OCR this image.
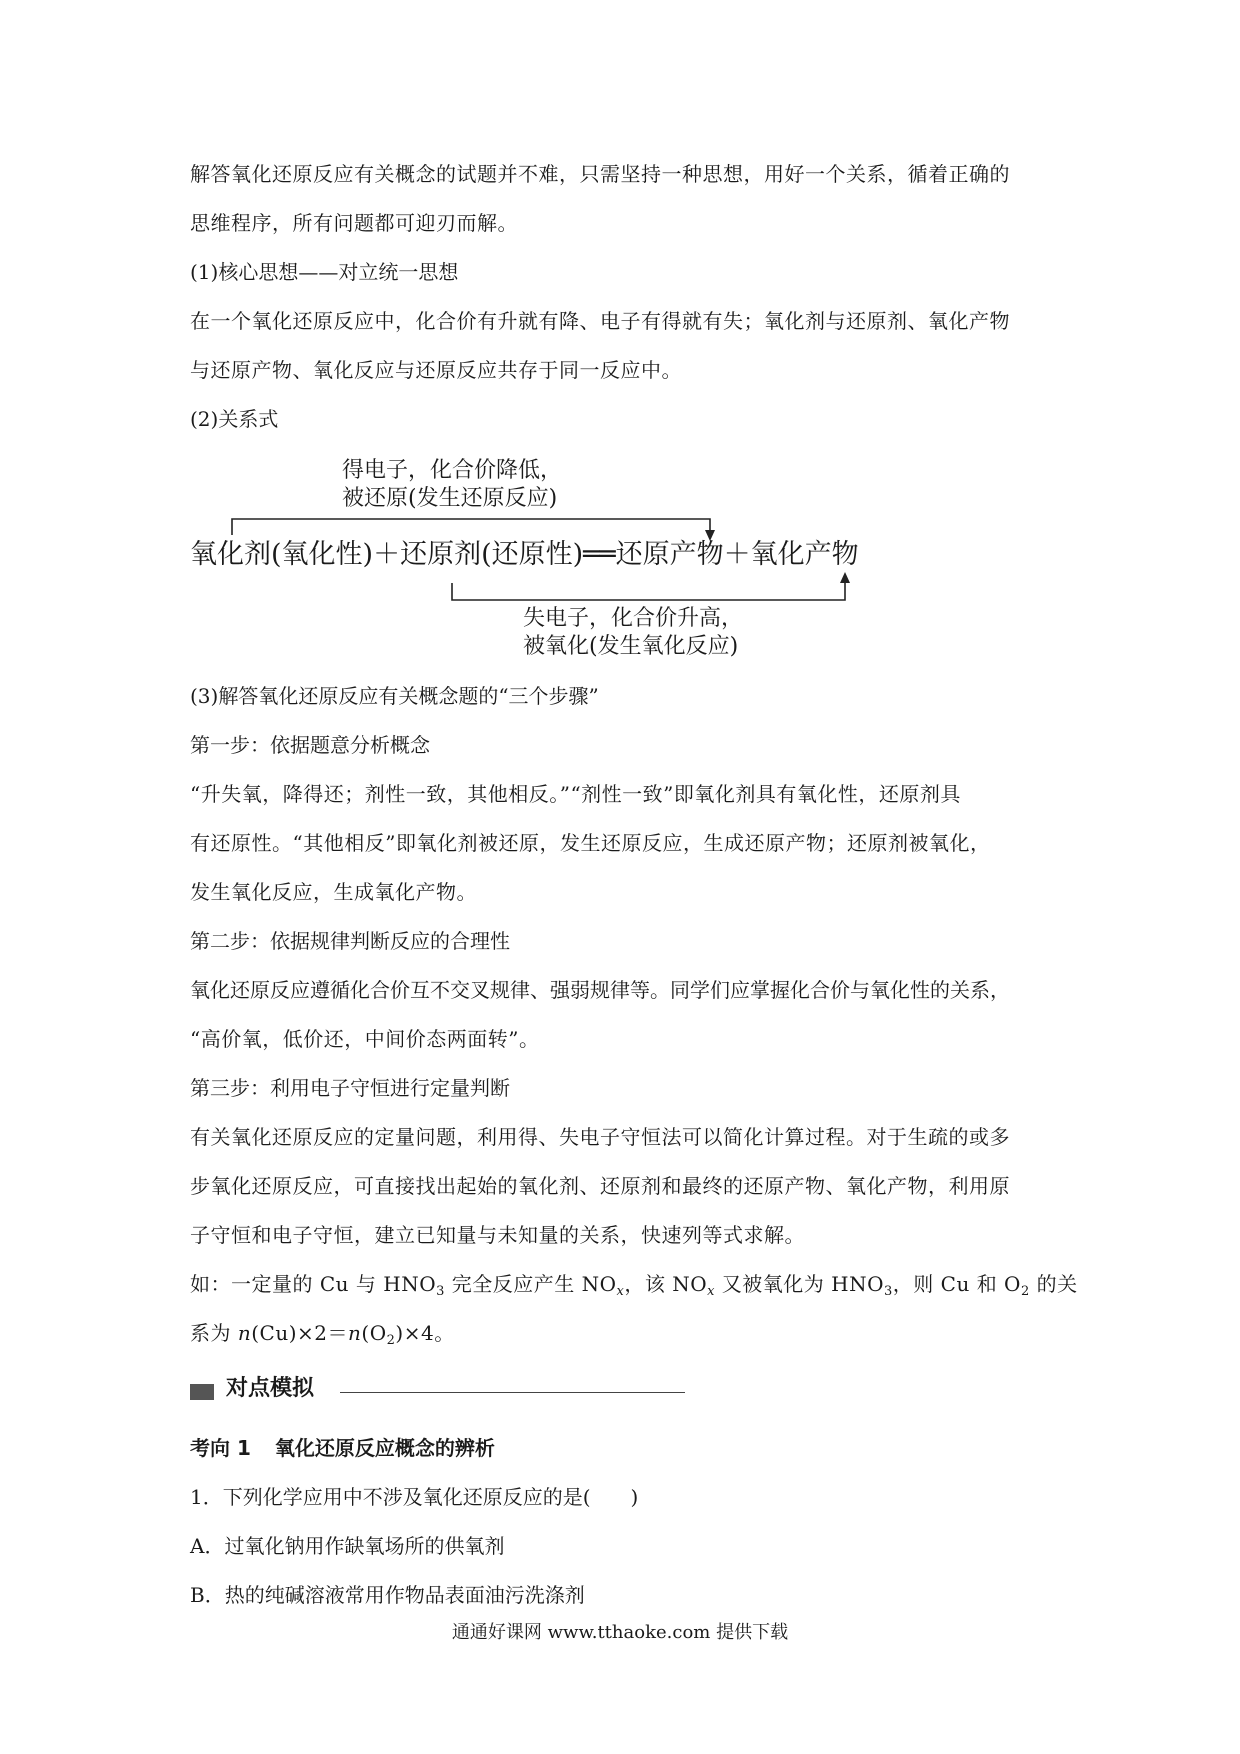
解答氧化还原反应有关概念的试题并不难，只需坚持一种思想，用好一个关系，循着正确的
思维程序，所有问题都可迎刃而解。
(1)核心思想——对立统一思想
在一个氧化还原反应中，化合价有升就有降、电子有得就有失；氧化剂与还原剂、氧化产物
与还原产物、氧化反应与还原反应共存于同一反应中。
(2)关系式
得电子，化合价降低，
被还原(发生还原反应)
氧化剂(氧化性)＋还原剂(还原性)══还原产物＋氧化产物
失电子，化合价升高，
被氧化(发生氧化反应)
(3)解答氧化还原反应有关概念题的“三个步骤”
第一步：依据题意分析概念
“升失氧，降得还；剂性一致，其他相反。”“剂性一致”即氧化剂具有氧化性，还原剂具
有还原性。“其他相反”即氧化剂被还原，发生还原反应，生成还原产物；还原剂被氧化，
发生氧化反应，生成氧化产物。
第二步：依据规律判断反应的合理性
氧化还原反应遵循化合价互不交叉规律、强弱规律等。同学们应掌握化合价与氧化性的关系，
“高价氧，低价还，中间价态两面转”。
第三步：利用电子守恒进行定量判断
有关氧化还原反应的定量问题，利用得、失电子守恒法可以简化计算过程。对于生疏的或多
步氧化还原反应，可直接找出起始的氧化剂、还原剂和最终的还原产物、氧化产物，利用原
子守恒和电子守恒，建立已知量与未知量的关系，快速列等式求解。
如：一定量的 Cu 与 $HNO_3$ 完全反应产生 $NO_x$，该 $NO_x$ 又被氧化为 $HNO_3$，则 Cu 和 $O_2$ 的关
系为 $n(Cu)\times 2=n(O_2)\times 4$。
对点模拟
考向 1 氧化还原反应概念的辨析
1．下列化学应用中不涉及氧化还原反应的是(　　)
A．过氧化钠用作缺氧场所的供氧剂
B．热的纯碱溶液常用作物品表面油污洗涤剂
通通好课网 www.tthaoke.com 提供下载
